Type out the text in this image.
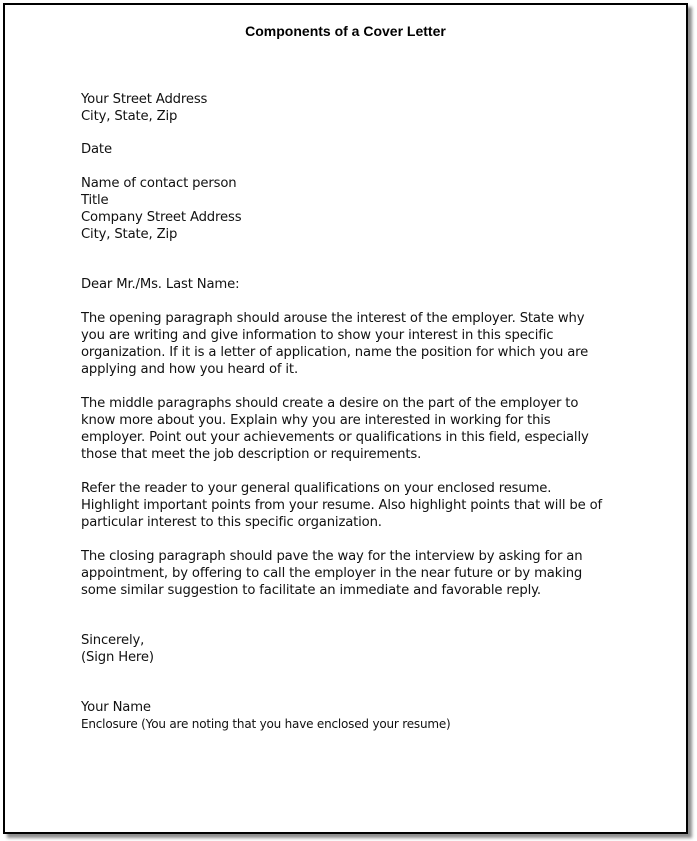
Components of a Cover Letter
Your Street Address
City, State, Zip
Date
Name of contact person
Title
Company Street Address
City, State, Zip
Dear Mr./Ms. Last Name:
The opening paragraph should arouse the interest of the employer. State why
you are writing and give information to show your interest in this specific
organization. If it is a letter of application, name the position for which you are
applying and how you heard of it.
The middle paragraphs should create a desire on the part of the employer to
know more about you. Explain why you are interested in working for this
employer. Point out your achievements or qualifications in this field, especially
those that meet the job description or requirements.
Refer the reader to your general qualifications on your enclosed resume.
Highlight important points from your resume. Also highlight points that will be of
particular interest to this specific organization.
The closing paragraph should pave the way for the interview by asking for an
appointment, by offering to call the employer in the near future or by making
some similar suggestion to facilitate an immediate and favorable reply.
Sincerely,
(Sign Here)
Your Name
Enclosure (You are noting that you have enclosed your resume)
